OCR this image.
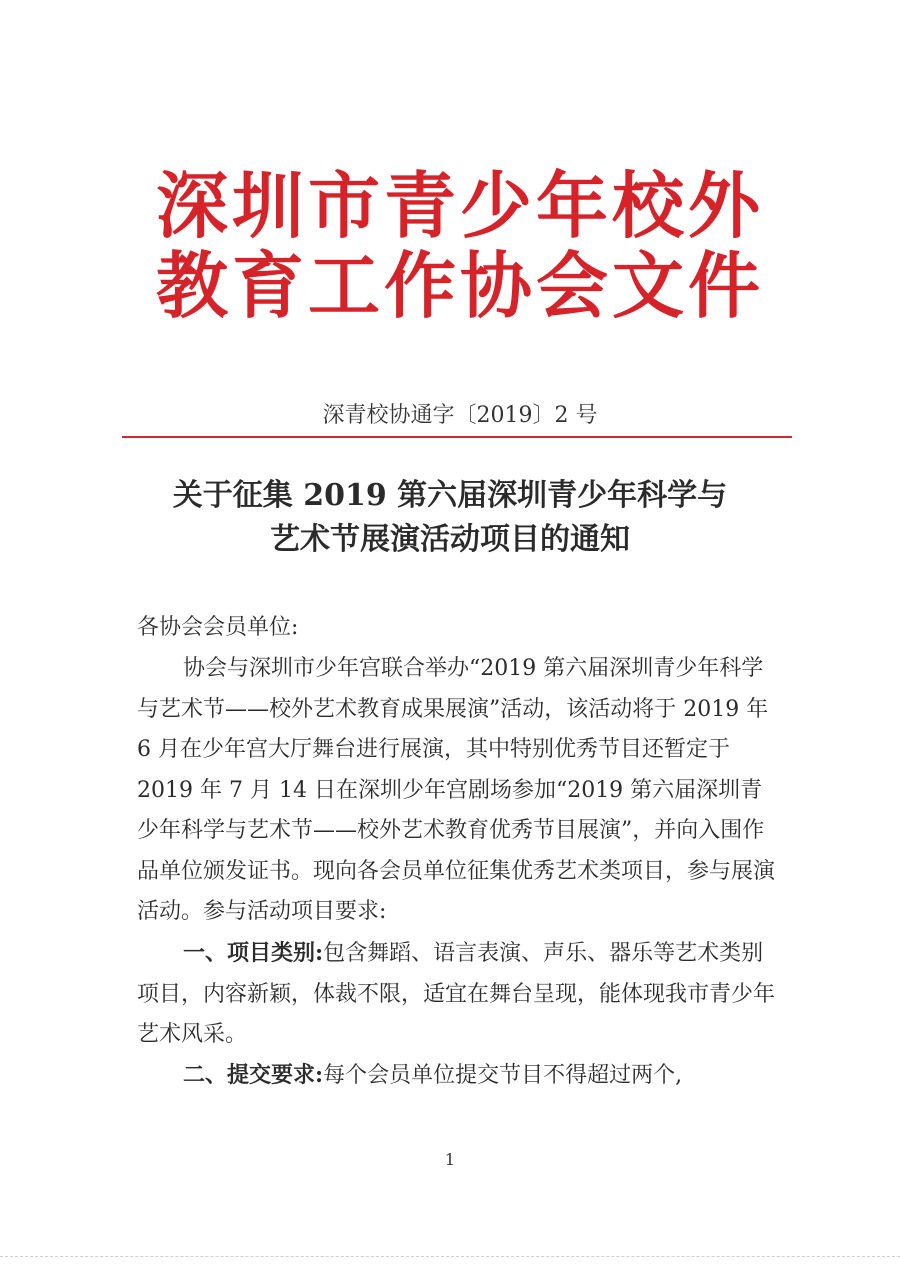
深圳市青少年校外
教育工作协会文件
深青校协通字〔2019〕2 号
关于征集 2019 第六届深圳青少年科学与
艺术节展演活动项目的通知
各协会会员单位:
协会与深圳市少年宫联合举办“2019 第六届深圳青少年科学与艺术节——校外艺术教育成果展演”活动，该活动将于 2019 年 6 月在少年宫大厅舞台进行展演，其中特别优秀节目还暂定于 2019 年 7 月 14 日在深圳少年宫剧场参加“2019 第六届深圳青少年科学与艺术节——校外艺术教育优秀节目展演”，并向入围作品单位颁发证书。现向各会员单位征集优秀艺术类项目，参与展演活动。参与活动项目要求:
一、项目类别:包含舞蹈、语言表演、声乐、器乐等艺术类别项目，内容新颖，体裁不限，适宜在舞台呈现，能体现我市青少年艺术风采。
二、提交要求:每个会员单位提交节目不得超过两个,
1
